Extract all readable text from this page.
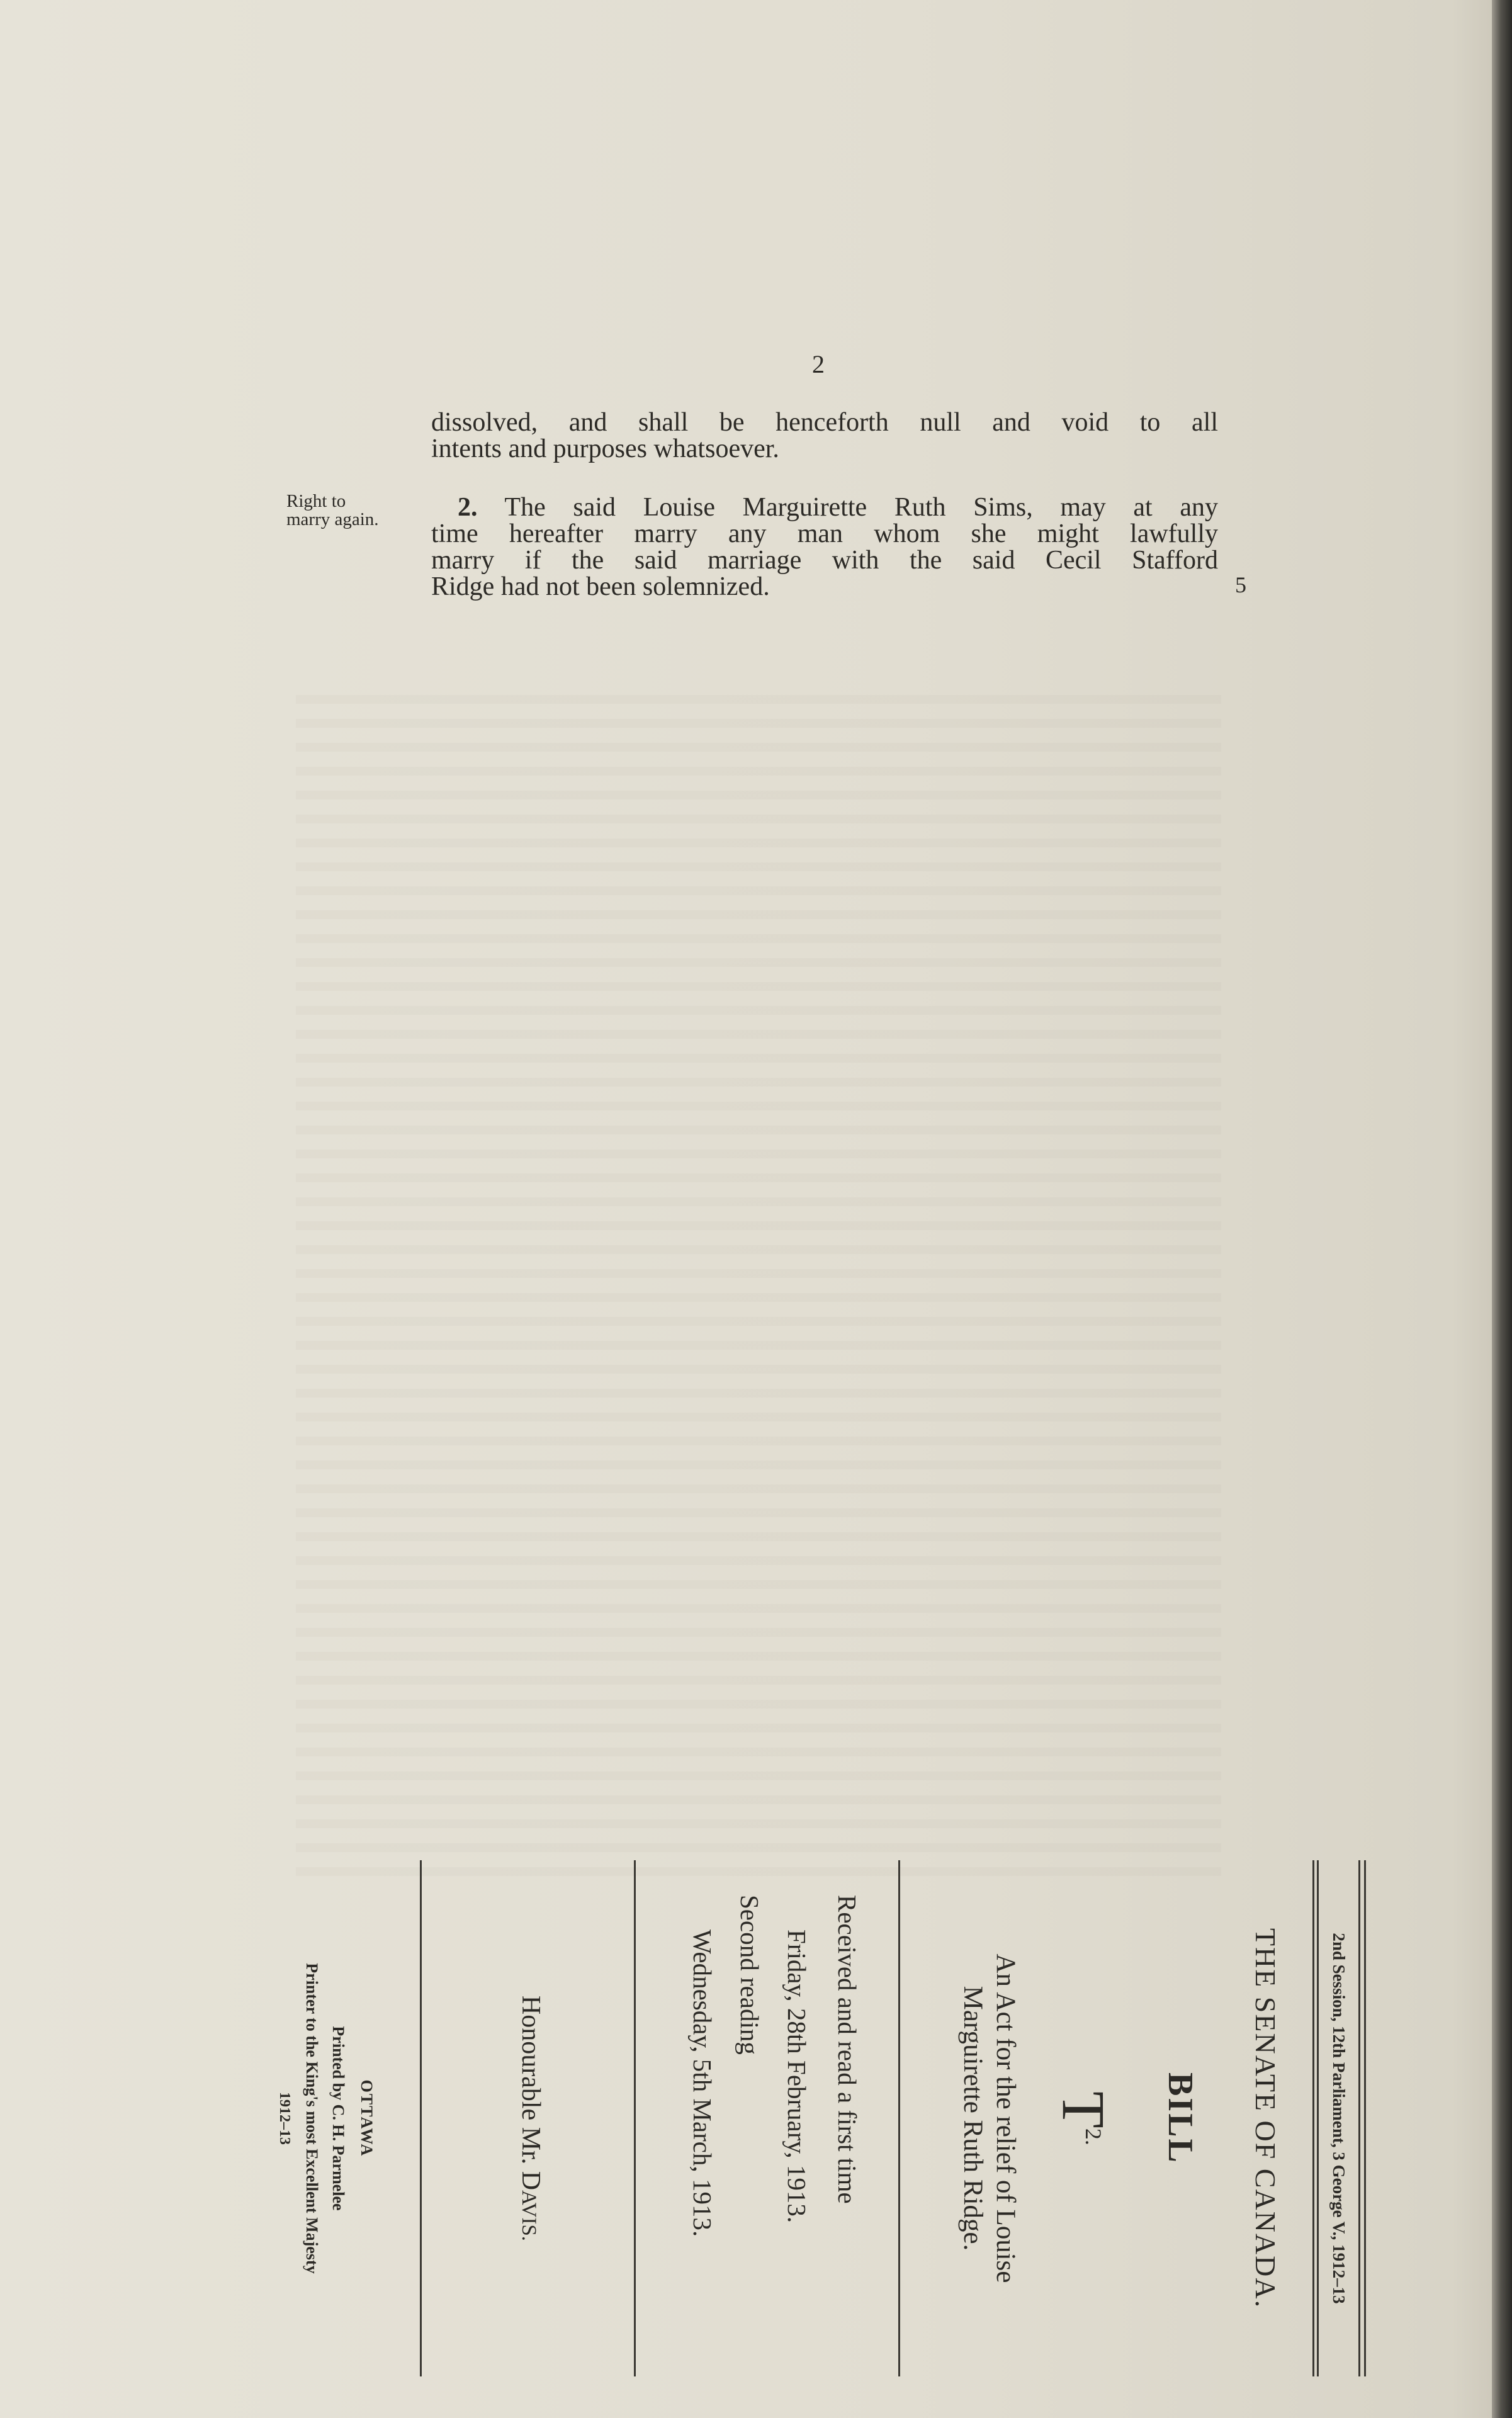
2
dissolved, and shall be henceforth null and void to all
intents and purposes whatsoever.
Right to
marry again.
 	2. The said Louise Marguirette Ruth Sims, may at any
time hereafter marry any man whom she might lawfully
marry if the said marriage with the said Cecil Stafford
Ridge had not been solemnized.	5
2nd Session, 12th Parliament, 3 George V., 1912–13
THE SENATE OF CANADA.
BILL
$T^{2.}$
An Act for the relief of Louise
Marguirette Ruth Ridge.
Received and read a first time
Friday, 28th February, 1913.
Second reading
Wednesday, 5th March, 1913.
Honourable Mr. DAVIS.
OTTAWA
Printed by C. H. Parmelee
Printer to the King's most Excellent Majesty
1912–13
